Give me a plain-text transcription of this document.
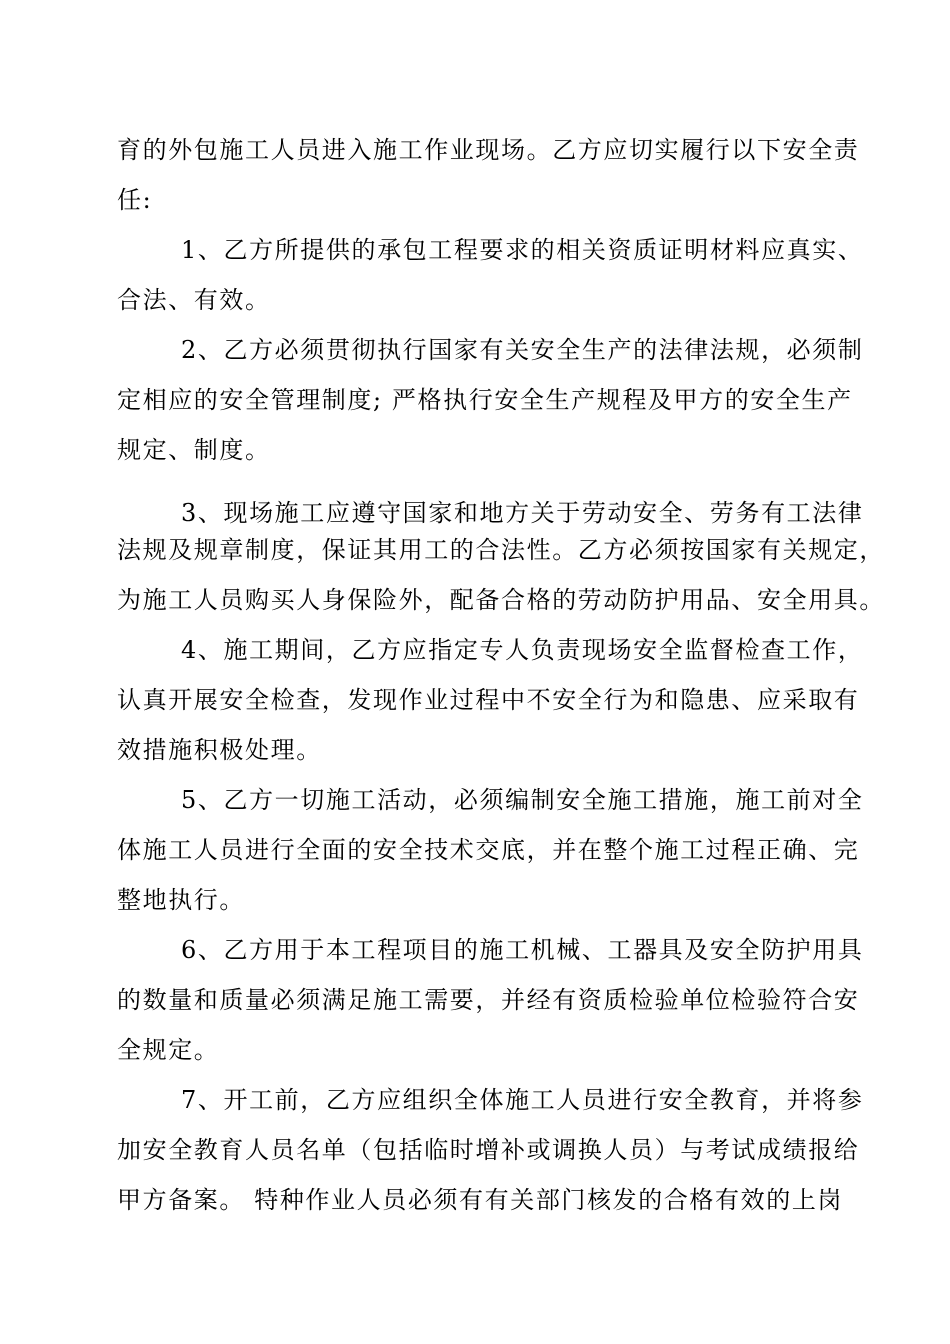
育的外包施工人员进入施工作业现场。乙方应切实履行以下安全责
任:
1、乙方所提供的承包工程要求的相关资质证明材料应真实、
合法、有效。
2、乙方必须贯彻执行国家有关安全生产的法律法规，必须制
定相应的安全管理制度; 严格执行安全生产规程及甲方的安全生产
规定、制度。
3、现场施工应遵守国家和地方关于劳动安全、劳务有工法律
法规及规章制度，保证其用工的合法性。乙方必须按国家有关规定，
为施工人员购买人身保险外，配备合格的劳动防护用品、安全用具。
4、施工期间，乙方应指定专人负责现场安全监督检查工作，
认真开展安全检查，发现作业过程中不安全行为和隐患、应采取有
效措施积极处理。
5、乙方一切施工活动，必须编制安全施工措施，施工前对全
体施工人员进行全面的安全技术交底，并在整个施工过程正确、完
整地执行。
6、乙方用于本工程项目的施工机械、工器具及安全防护用具
的数量和质量必须满足施工需要，并经有资质检验单位检验符合安
全规定。
7、开工前，乙方应组织全体施工人员进行安全教育，并将参
加安全教育人员名单（包括临时增补或调换人员）与考试成绩报给
甲方备案。 特种作业人员必须有有关部门核发的合格有效的上岗
